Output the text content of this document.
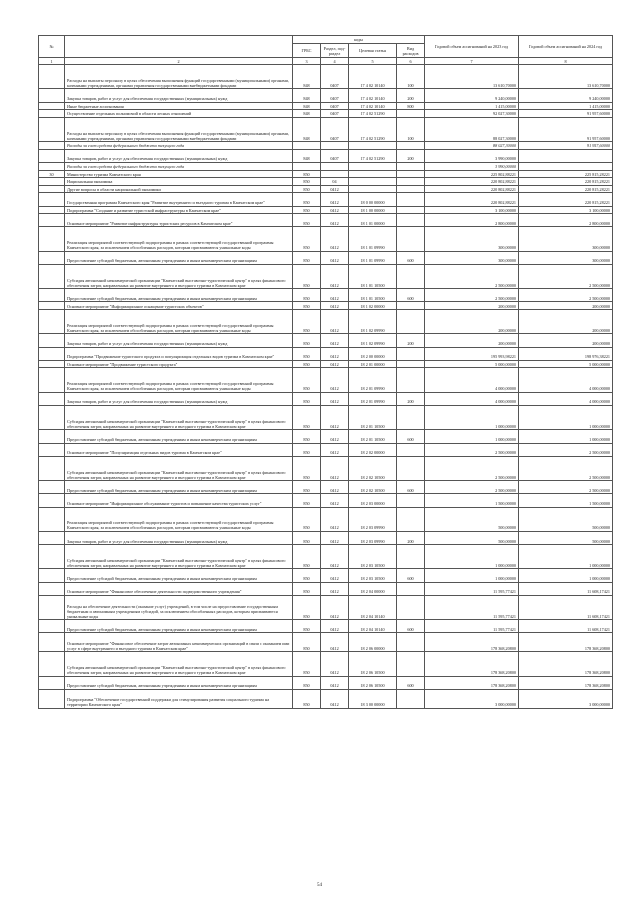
№		коды				Годовой объем ассигнований на 2023 год	Годовой объем ассигнований на 2024 год
		ГРБС	Раздел, под-раздел	Целевая статья	Вид расходов		
1	2	3	4	5	6	7	8
	Расходы на выплаты персоналу в целях обеспечения выполнения функций государственными (муниципальными) органами, казенными учреждениями, органами управления государственными внебюджетными фондами	848	0407	17 4 02 10140	100	13 610,70000	13 610,70000
	Закупка товаров, работ и услуг для обеспечения государственных (муниципальных) нужд	848	0407	17 4 02 10140	200	9 240,00000	9 240,00000
	Иные бюджетные ассигнования	848	0407	17 4 02 10140	800	1 415,00000	1 415,00000
	Осуществление отдельных полномочий в области лесных отношений	848	0407	17 4 02 51290		92 027,30000	91 957,60000
	Расходы на выплаты персоналу в целях обеспечения выполнения функций государственными (муниципальными) органами, казенными учреждениями, органами управления государственными внебюджетными фондами	848	0407	17 4 02 51290	100	88 027,30000	91 957,60000
	Расходы за счет средств федерального бюджета текущего года					88 027,30000	91 957,60000
	Закупка товаров, работ и услуг для обеспечения государственных (муниципальных) нужд	848	0407	17 4 02 51290	200	3 990,00000	
	Расходы за счет средств федерального бюджета текущего года					3 990,00000	
30	Министерство туризма Камчатского края	850				225 802,88221	225 815,28221
	Национальная экономика	850	04			220 802,88221	220 815,28221
	Другие вопросы в области национальной экономики	850	0412			220 802,88221	220 815,28221
	Государственная программа Камчатского края "Развитие внутреннего и въездного туризма в Камчатском крае"	850	0412	18 0 00 00000		220 802,88221	220 815,28221
	Подпрограмма "Создание и развитие туристской инфраструктуры в Камчатском крае"	850	0412	18 1 00 00000		3 100,00000	3 100,00000
	Основное мероприятие "Развитие инфраструктуры туристских ресурсов в Камчатском крае"	850	0412	18 1 01 00000		2 800,00000	2 800,00000
	Реализация мероприятий соответствующей подпрограммы в рамках соответствующей государственной программы Камчатского края, за исключением обособленных расходов, которым присваиваются уникальные коды	850	0412	18 1 01 09990		300,00000	300,00000
	Предоставление субсидий бюджетным, автономным учреждениям и иным некоммерческим организациям	850	0412	18 1 01 09990	600	300,00000	300,00000
	Субсидия автономной некоммерческой организации "Камчатский выставочно-туристический центр" в целях финансового обеспечения затрат, направленных на развитие внутреннего и въездного туризма в Камчатском крае	850	0412	18 1 01 10500		2 500,00000	2 500,00000
	Предоставление субсидий бюджетным, автономным учреждениям и иным некоммерческим организациям	850	0412	18 1 01 10500	600	2 500,00000	2 500,00000
	Основное мероприятие "Информационное оснащение туристских объектов"	850	0412	18 1 02 00000		200,00000	200,00000
	Реализация мероприятий соответствующей подпрограммы в рамках соответствующей государственной программы Камчатского края, за исключением обособленных расходов, которым присваиваются уникальные коды	850	0412	18 1 02 09990		200,00000	200,00000
	Закупка товаров, работ и услуг для обеспечения государственных (муниципальных) нужд	850	0412	18 1 02 09990	200	200,00000	200,00000
	Подпрограмма "Продвижение туристского продукта и популяризация отдельных видов туризма в Камчатском крае"	850	0412	18 2 00 00000		195 993,98221	198 976,38221
	Основное мероприятие "Продвижение туристского продукта"	850	0412	18 2 01 00000		5 000,00000	5 000,00000
	Реализация мероприятий соответствующей подпрограммы в рамках соответствующей государственной программы Камчатского края, за исключением обособленных расходов, которым присваиваются уникальные коды	850	0412	18 2 01 09990		4 000,00000	4 000,00000
	Закупка товаров, работ и услуг для обеспечения государственных (муниципальных) нужд	850	0412	18 2 01 09990	200	4 000,00000	4 000,00000
	Субсидия автономной некоммерческой организации "Камчатский выставочно-туристический центр" в целях финансового обеспечения затрат, направленных на развитие внутреннего и въездного туризма в Камчатском крае	850	0412	18 2 01 10500		1 000,00000	1 000,00000
	Предоставление субсидий бюджетным, автономным учреждениям и иным некоммерческим организациям	850	0412	18 2 01 10500	600	1 000,00000	1 000,00000
	Основное мероприятие "Популяризация отдельных видов туризма в Камчатском крае"	850	0412	18 2 02 00000		2 500,00000	2 500,00000
	Субсидия автономной некоммерческой организации "Камчатский выставочно-туристический центр" в целях финансового обеспечения затрат, направленных на развитие внутреннего и въездного туризма в Камчатском крае	850	0412	18 2 02 10500		2 500,00000	2 500,00000
	Предоставление субсидий бюджетным, автономным учреждениям и иным некоммерческим организациям	850	0412	18 2 02 10500	600	2 500,00000	2 500,00000
	Основное мероприятие "Информационное обслуживание туристов и повышение качества туристских услуг"	850	0412	18 2 03 00000		1 500,00000	1 500,00000
	Реализация мероприятий соответствующей подпрограммы в рамках соответствующей государственной программы Камчатского края, за исключением обособленных расходов, которым присваиваются уникальные коды	850	0412	18 2 03 09990		500,00000	500,00000
	Закупка товаров, работ и услуг для обеспечения государственных (муниципальных) нужд	850	0412	18 2 03 09990	200	500,00000	500,00000
	Субсидия автономной некоммерческой организации "Камчатский выставочно-туристический центр" в целях финансового обеспечения затрат, направленных на развитие внутреннего и въездного туризма в Камчатском крае	850	0412	18 2 03 10500		1 000,00000	1 000,00000
	Предоставление субсидий бюджетным, автономным учреждениям и иным некоммерческим организациям	850	0412	18 2 03 10500	600	1 000,00000	1 000,00000
	Основное мероприятие "Финансовое обеспечение деятельности подведомственного учреждения"	850	0412	18 2 04 00000		11 595,77421	11 608,17421
	Расходы на обеспечение деятельности (оказание услуг) учреждений, в том числе на предоставление государственным бюджетным и автономным учреждениям субсидий, за исключением обособленных расходов, которым присваиваются уникальные коды	850	0412	18 2 04 10140		11 595,77421	11 608,17421
	Предоставление субсидий бюджетным, автономным учреждениям и иным некоммерческим организациям	850	0412	18 2 04 10140	600	11 595,77421	11 608,17421
	Основное мероприятие "Финансовое обеспечение затрат автономных некоммерческих организаций в связи с оказанием ими услуг в сфере внутреннего и въездного туризма в Камчатском крае"	850	0412	18 2 06 00000		178 368,20800	178 368,20800
	Субсидия автономной некоммерческой организации "Камчатский выставочно-туристический центр" в целях финансового обеспечения затрат, направленных на развитие внутреннего и въездного туризма в Камчатском крае	850	0412	18 2 06 10500		178 368,20800	178 368,20800
	Предоставление субсидий бюджетным, автономным учреждениям и иным некоммерческим организациям	850	0412	18 2 06 10500	600	178 368,20800	178 368,20800
	Подпрограмма "Обеспечение государственной поддержки для стимулирования развития социального туризма на территории Камчатского края"	850	0412	18 3 00 00000		3 000,00000	3 000,00000
54
